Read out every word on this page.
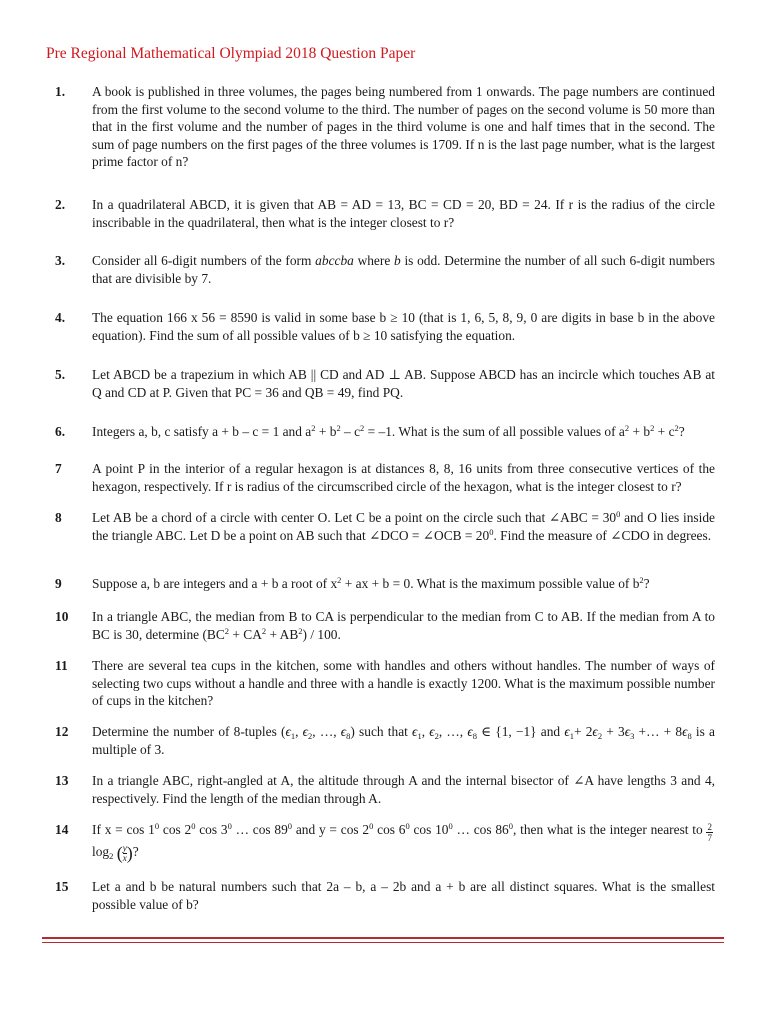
Pre Regional Mathematical Olympiad 2018 Question Paper
1. A book is published in three volumes, the pages being numbered from 1 onwards. The page numbers are continued from the first volume to the second volume to the third. The number of pages on the second volume is 50 more than that in the first volume and the number of pages in the third volume is one and half times that in the second. The sum of page numbers on the first pages of the three volumes is 1709. If n is the last page number, what is the largest prime factor of n?
2. In a quadrilateral ABCD, it is given that AB = AD = 13, BC = CD = 20, BD = 24. If r is the radius of the circle inscribable in the quadrilateral, then what is the integer closest to r?
3. Consider all 6-digit numbers of the form abccba where b is odd. Determine the number of all such 6-digit numbers that are divisible by 7.
4. The equation 166 x 56 = 8590 is valid in some base b ≥ 10 (that is 1, 6, 5, 8, 9, 0 are digits in base b in the above equation). Find the sum of all possible values of b ≥ 10 satisfying the equation.
5. Let ABCD be a trapezium in which AB || CD and AD ⊥ AB. Suppose ABCD has an incircle which touches AB at Q and CD at P. Given that PC = 36 and QB = 49, find PQ.
6. Integers a, b, c satisfy a + b – c = 1 and $a^2 + b^2 - c^2 = -1$. What is the sum of all possible values of $a^2 + b^2 + c^2$?
7 A point P in the interior of a regular hexagon is at distances 8, 8, 16 units from three consecutive vertices of the hexagon, respectively. If r is radius of the circumscribed circle of the hexagon, what is the integer closest to r?
8 Let AB be a chord of a circle with center O. Let C be a point on the circle such that ∠ABC = $30^0$ and O lies inside the triangle ABC. Let D be a point on AB such that ∠DCO = ∠OCB = $20^0$. Find the measure of ∠CDO in degrees.
9 Suppose a, b are integers and a + b a root of $x^2$ + ax + b = 0. What is the maximum possible value of $b^2$?
10 In a triangle ABC, the median from B to CA is perpendicular to the median from C to AB. If the median from A to BC is 30, determine $(BC^2 + CA^2 + AB^2) / 100$.
11 There are several tea cups in the kitchen, some with handles and others without handles. The number of ways of selecting two cups without a handle and three with a handle is exactly 1200. What is the maximum possible number of cups in the kitchen?
12 Determine the number of 8-tuples ($\epsilon_1$, $\epsilon_2$, …, $\epsilon_8$) such that $\epsilon_1$, $\epsilon_2$, …, $\epsilon_8$ ∈ {1, −1} and $\epsilon_1+ 2\epsilon_2 + 3\epsilon_3$ +… + $8\epsilon_8$ is a multiple of 3.
13 In a triangle ABC, right-angled at A, the altitude through A and the internal bisector of ∠A have lengths 3 and 4, respectively. Find the length of the median through A.
14 If $x = \cos 1^0$ $\cos 2^0$ $\cos 3^0$ … $\cos 89^0$ and $y = \cos 2^0$ $\cos 6^0$ $\cos 10^0$ … $\cos 86^0$, then what is the integer nearest to $\frac{2}{7}$
$\log_2$ ( $\frac{y}{x}$ )?
15 Let a and b be natural numbers such that 2a – b, a – 2b and a + b are all distinct squares. What is the smallest possible value of b?
